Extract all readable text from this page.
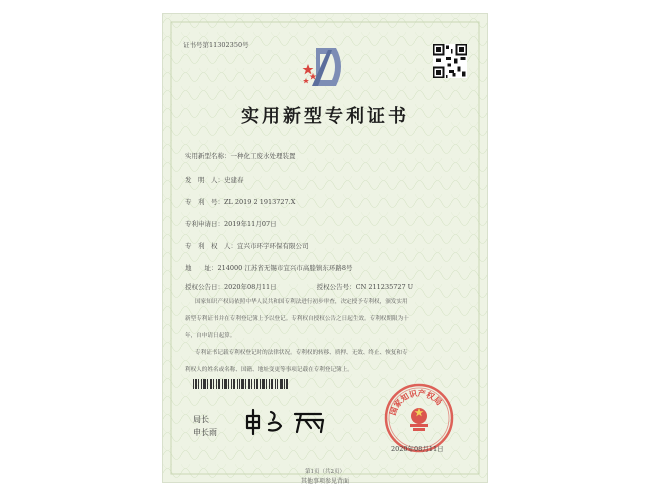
证书号第11302350号
实用新型专利证书
实用新型名称：一种化工废水处理装置
发　明　人：史建春
专　利　号：ZL 2019 2 1913727.X
专利申请日：2019年11月07日
专　利　权　人：宜兴市环宇环保有限公司
地　　址：214000 江苏省无锡市宜兴市高塍镇东环路8号
授权公告日：2020年08月11日	授权公告号：CN 211235727 U
国家知识产权局依照中华人民共和国专利法进行初步审查，决定授予专利权，颁发实用
新型专利证书并在专利登记簿上予以登记。专利权自授权公告之日起生效。专利权期限为十
年，自申请日起算。
专利证书记载专利权登记时的法律状况。专利权的转移、质押、无效、终止、恢复和专
利权人的姓名或名称、国籍、地址变更等事项记载在专利登记簿上。
局长
申长雨
国家知识产权局
2020年08月11日
第1页（共2页）
其他事项参见背面
